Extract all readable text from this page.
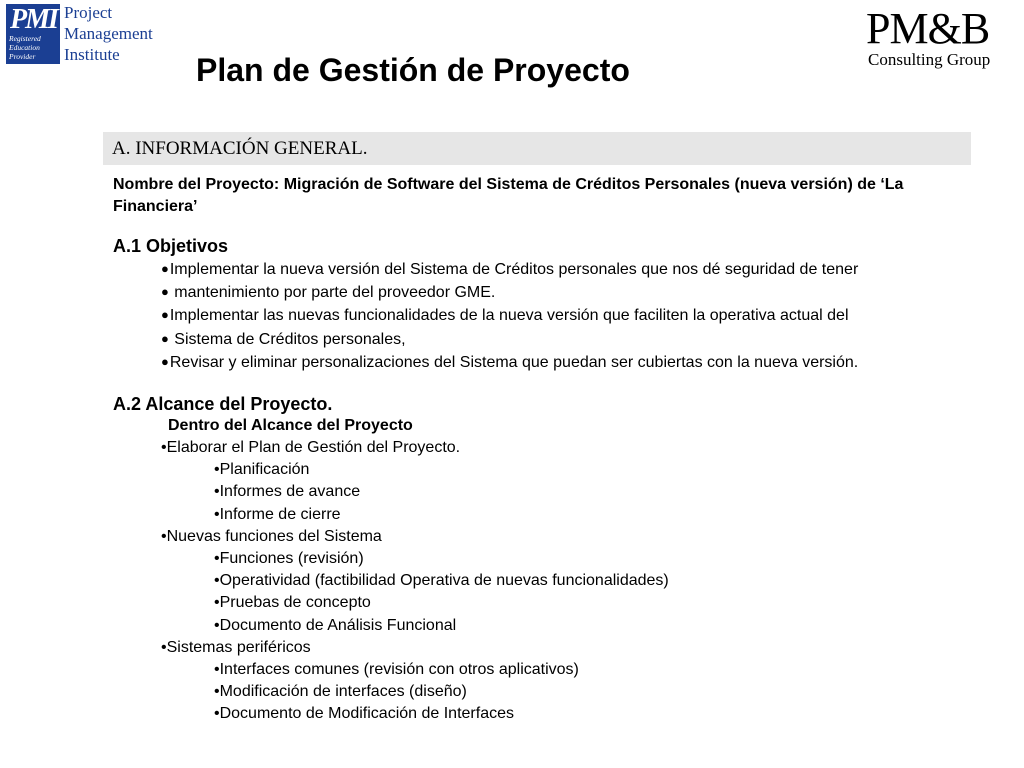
PMI
Registered
Education
Provider
Project
Management
Institute
PM&B
Consulting Group
Plan de Gestión de Proyecto
A. INFORMACIÓN GENERAL.
Nombre del Proyecto: Migración de Software del Sistema de Créditos Personales (nueva versión) de ‘La Financiera’
A.1 Objetivos
●Implementar la nueva versión del Sistema de Créditos personales que nos dé seguridad de tener
● mantenimiento por parte del proveedor GME.
●Implementar las nuevas funcionalidades de la nueva versión que faciliten la operativa actual del
● Sistema de Créditos personales,
●Revisar y eliminar personalizaciones del Sistema que puedan ser cubiertas con la nueva versión.
A.2 Alcance del Proyecto.
Dentro del Alcance del Proyecto
•Elaborar el Plan de Gestión del Proyecto.
•Planificación
•Informes de avance
•Informe de cierre
•Nuevas funciones del Sistema
•Funciones (revisión)
•Operatividad (factibilidad Operativa de nuevas funcionalidades)
•Pruebas de concepto
•Documento de Análisis Funcional
•Sistemas periféricos
•Interfaces comunes (revisión con otros aplicativos)
•Modificación de interfaces (diseño)
•Documento de Modificación de Interfaces
